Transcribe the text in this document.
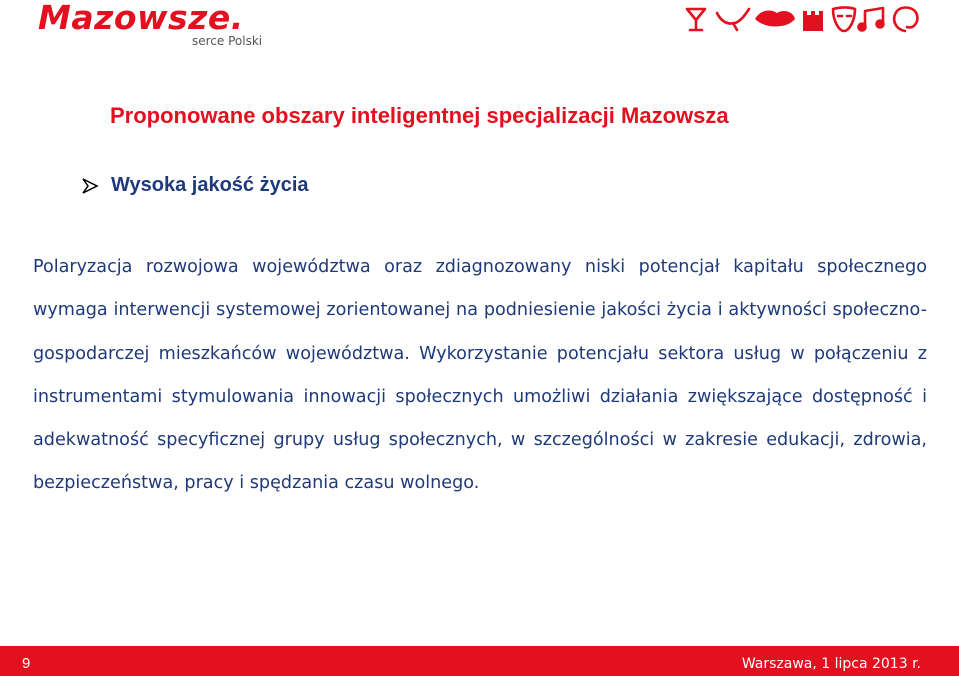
Mazowsze.
serce Polski
Proponowane obszary inteligentnej specjalizacji Mazowsza
Wysoka jakość życia

Polaryzacja rozwojowa województwa oraz zdiagnozowany niski potencjał kapitału społecznego wymaga interwencji systemowej zorientowanej na podniesienie jakości życia i aktywności społeczno-gospodarczej mieszkańców województwa. Wykorzystanie potencjału sektora usług w połączeniu z instrumentami stymulowania innowacji społecznych umożliwi działania zwiększające dostępność i adekwatność specyficznej grupy usług społecznych, w szczególności w zakresie edukacji, zdrowia, bezpieczeństwa, pracy i spędzania czasu wolnego.

9	Warszawa, 1 lipca 2013 r.
